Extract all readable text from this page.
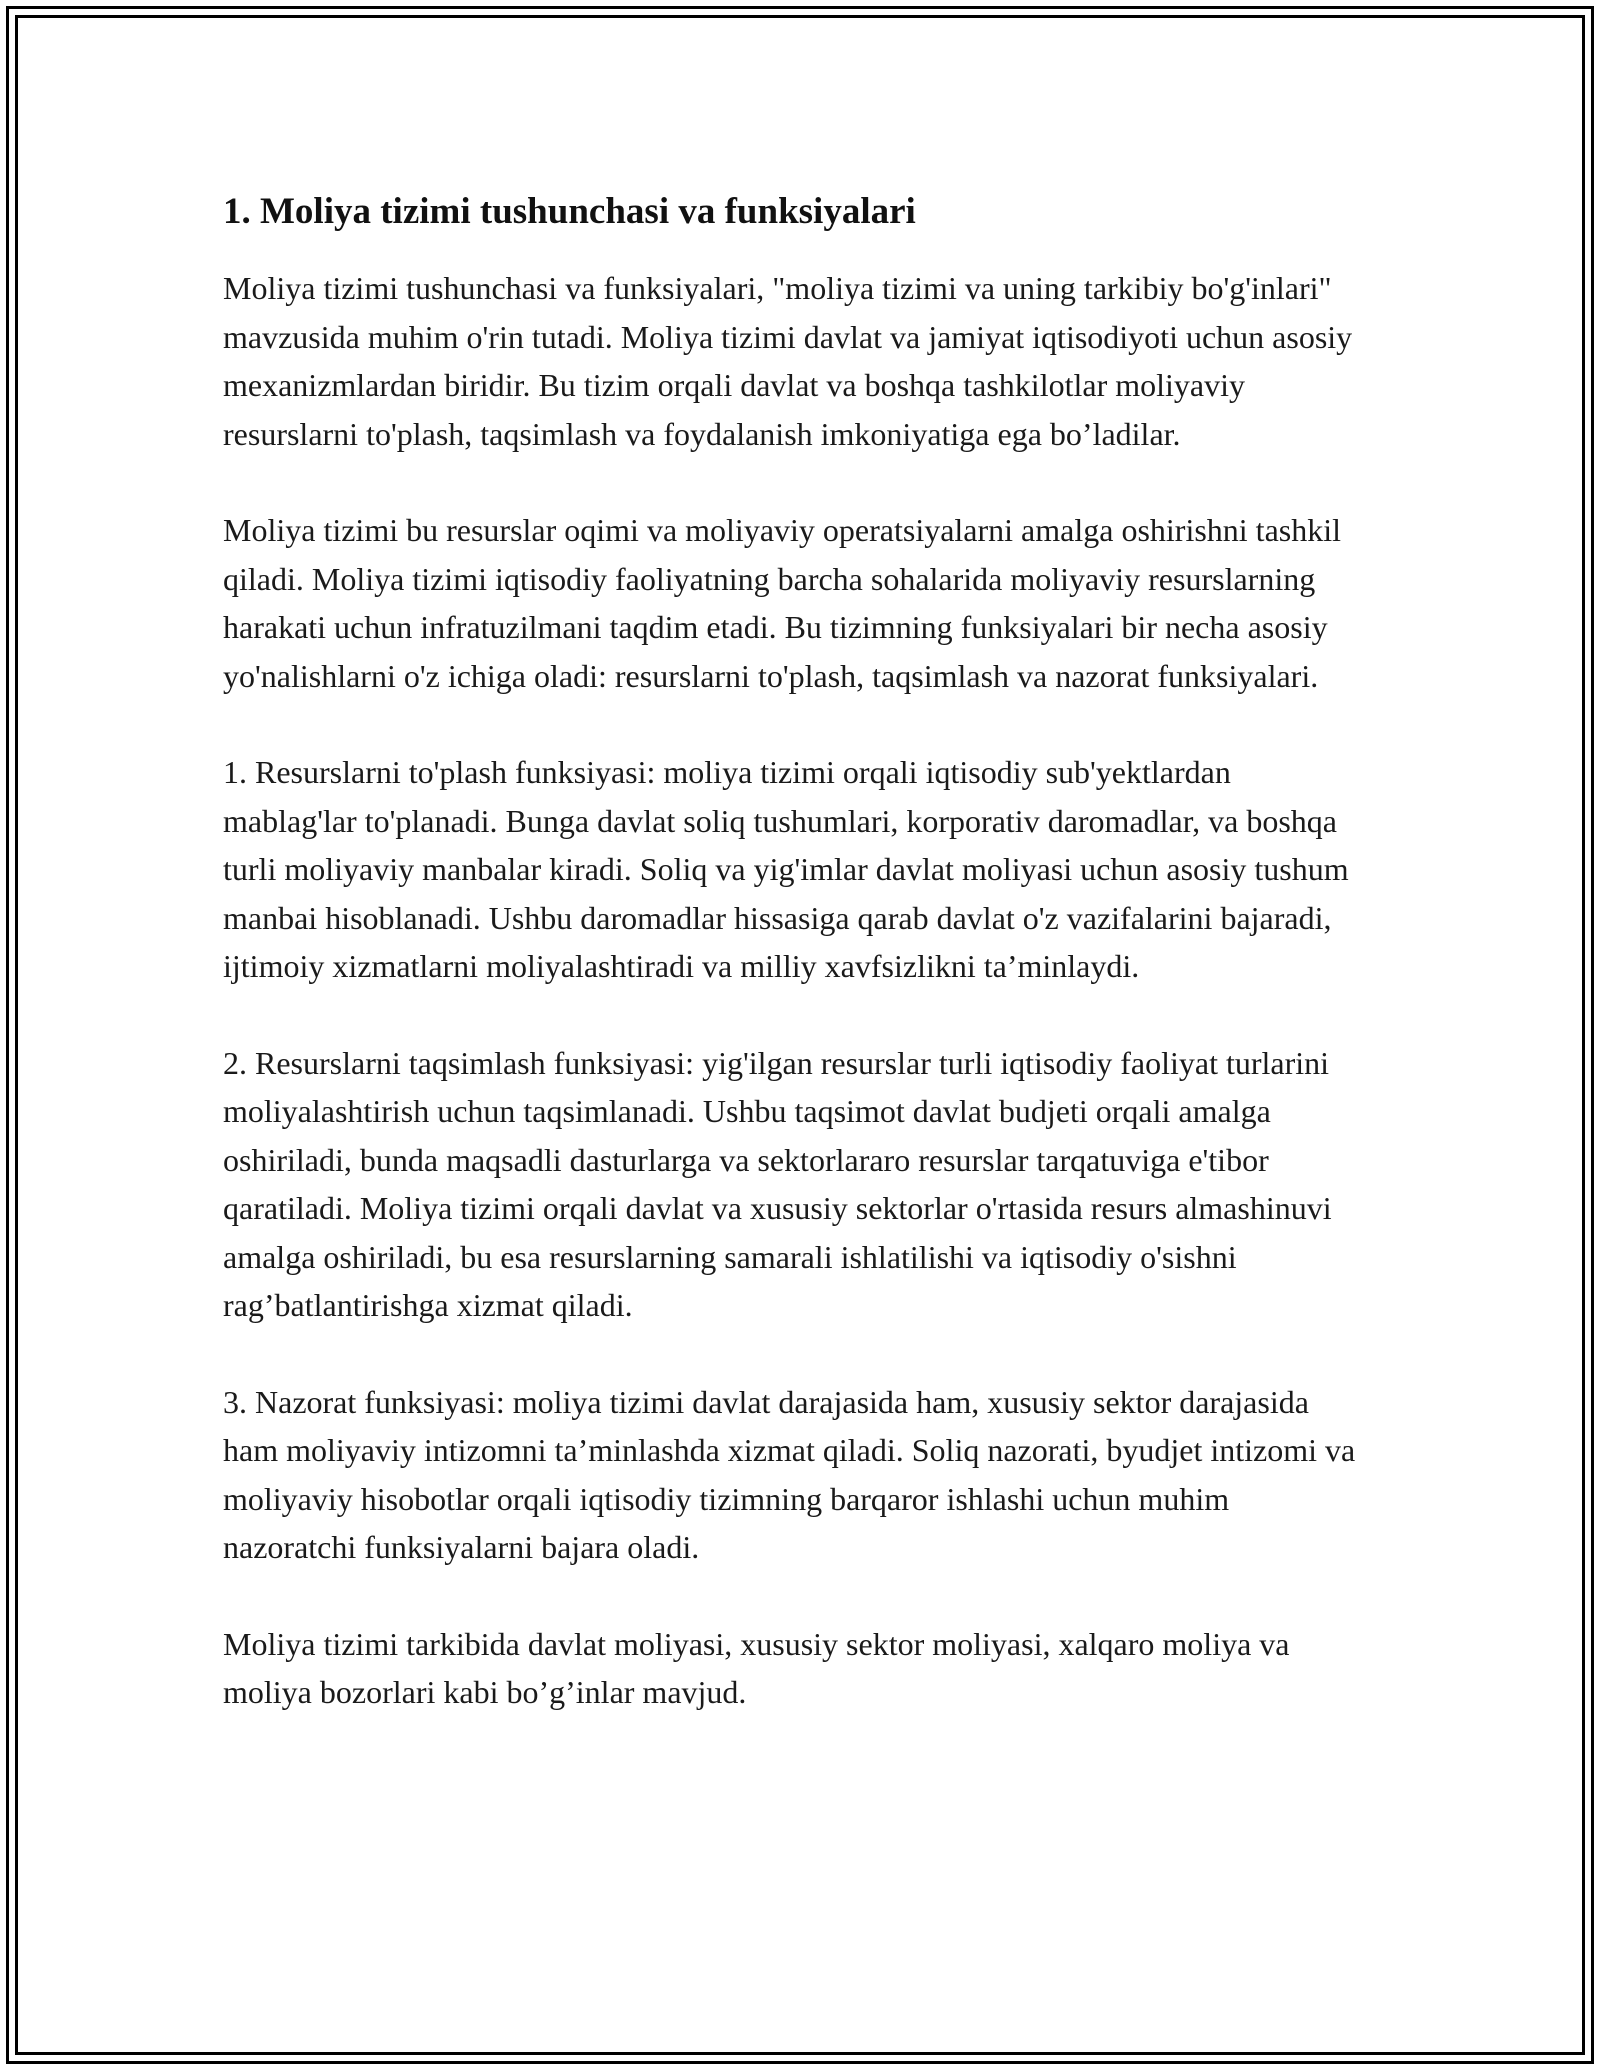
1. Moliya tizimi tushunchasi va funksiyalari

Moliya tizimi tushunchasi va funksiyalari, "moliya tizimi va uning tarkibiy bo'g'inlari" mavzusida muhim o'rin tutadi. Moliya tizimi davlat va jamiyat iqtisodiyoti uchun asosiy mexanizmlardan biridir. Bu tizim orqali davlat va boshqa tashkilotlar moliyaviy resurslarni to'plash, taqsimlash va foydalanish imkoniyatiga ega bo’ladilar.

Moliya tizimi bu resurslar oqimi va moliyaviy operatsiyalarni amalga oshirishni tashkil qiladi. Moliya tizimi iqtisodiy faoliyatning barcha sohalarida moliyaviy resurslarning harakati uchun infratuzilmani taqdim etadi. Bu tizimning funksiyalari bir necha asosiy yo'nalishlarni o'z ichiga oladi: resurslarni to'plash, taqsimlash va nazorat funksiyalari.

1. Resurslarni to'plash funksiyasi: moliya tizimi orqali iqtisodiy sub'yektlardan mablag'lar to'planadi. Bunga davlat soliq tushumlari, korporativ daromadlar, va boshqa turli moliyaviy manbalar kiradi. Soliq va yig'imlar davlat moliyasi uchun asosiy tushum manbai hisoblanadi. Ushbu daromadlar hissasiga qarab davlat o'z vazifalarini bajaradi, ijtimoiy xizmatlarni moliyalashtiradi va milliy xavfsizlikni ta’minlaydi.

2. Resurslarni taqsimlash funksiyasi: yig'ilgan resurslar turli iqtisodiy faoliyat turlarini moliyalashtirish uchun taqsimlanadi. Ushbu taqsimot davlat budjeti orqali amalga oshiriladi, bunda maqsadli dasturlarga va sektorlararo resurslar tarqatuviga e'tibor qaratiladi. Moliya tizimi orqali davlat va xususiy sektorlar o'rtasida resurs almashinuvi amalga oshiriladi, bu esa resurslarning samarali ishlatilishi va iqtisodiy o'sishni rag’batlantirishga xizmat qiladi.

3. Nazorat funksiyasi: moliya tizimi davlat darajasida ham, xususiy sektor darajasida ham moliyaviy intizomni ta’minlashda xizmat qiladi. Soliq nazorati, byudjet intizomi va moliyaviy hisobotlar orqali iqtisodiy tizimning barqaror ishlashi uchun muhim nazoratchi funksiyalarni bajara oladi.

Moliya tizimi tarkibida davlat moliyasi, xususiy sektor moliyasi, xalqaro moliya va moliya bozorlari kabi bo’g’inlar mavjud.
